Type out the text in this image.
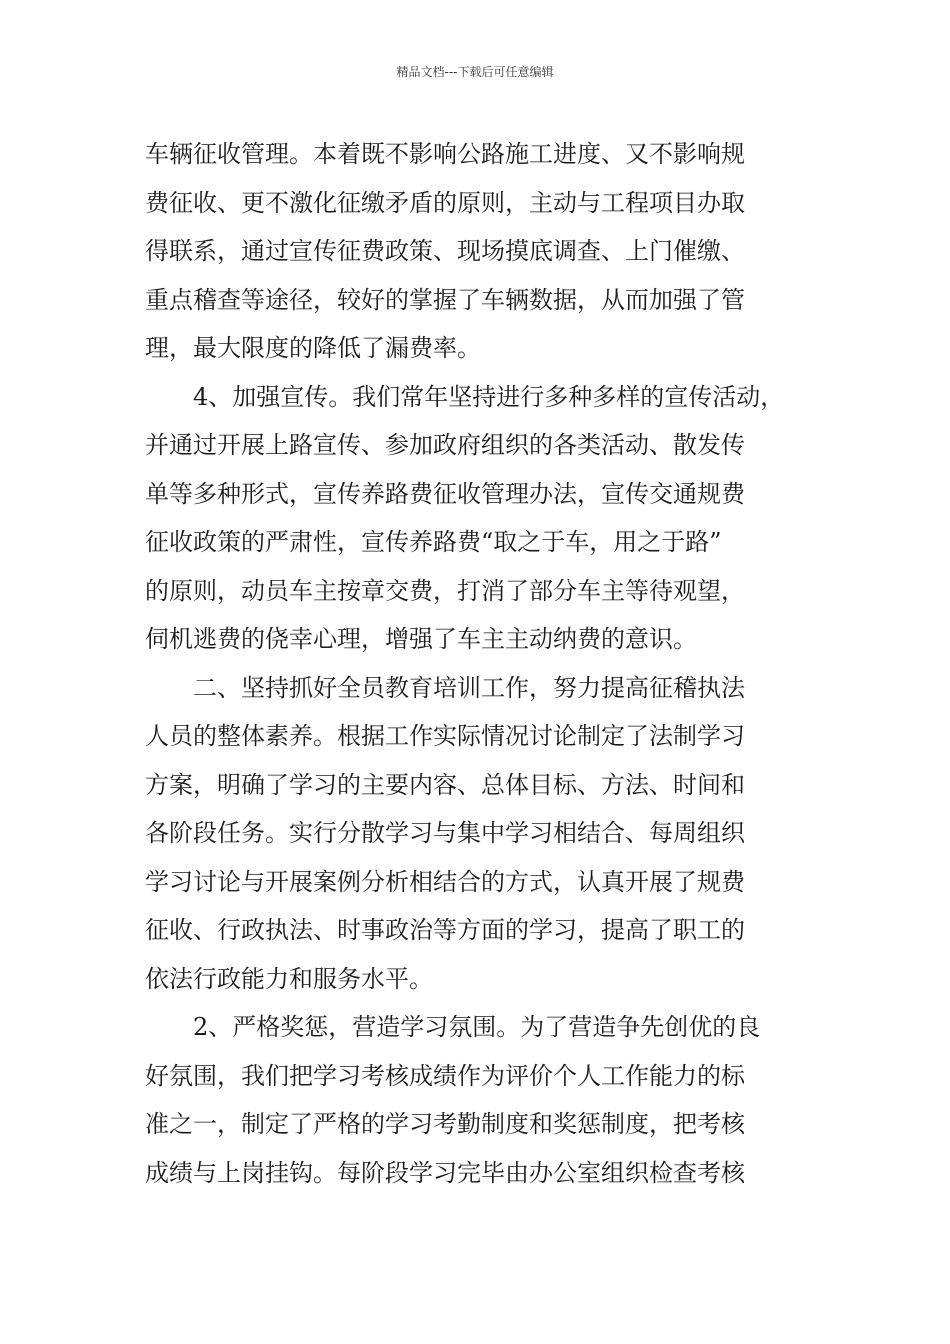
精品文档---下载后可任意编辑
车辆征收管理。本着既不影响公路施工进度、又不影响规
费征收、更不激化征缴矛盾的原则，主动与工程项目办取
得联系，通过宣传征费政策、现场摸底调查、上门催缴、
重点稽查等途径，较好的掌握了车辆数据，从而加强了管
理，最大限度的降低了漏费率。
　　4、加强宣传。我们常年坚持进行多种多样的宣传活动，
并通过开展上路宣传、参加政府组织的各类活动、散发传
单等多种形式，宣传养路费征收管理办法，宣传交通规费
征收政策的严肃性，宣传养路费“取之于车，用之于路”
的原则，动员车主按章交费，打消了部分车主等待观望，
伺机逃费的侥幸心理，增强了车主主动纳费的意识。
　　二、坚持抓好全员教育培训工作，努力提高征稽执法
人员的整体素养。根据工作实际情况讨论制定了法制学习
方案，明确了学习的主要内容、总体目标、方法、时间和
各阶段任务。实行分散学习与集中学习相结合、每周组织
学习讨论与开展案例分析相结合的方式，认真开展了规费
征收、行政执法、时事政治等方面的学习，提高了职工的
依法行政能力和服务水平。
　　2、严格奖惩，营造学习氛围。为了营造争先创优的良
好氛围，我们把学习考核成绩作为评价个人工作能力的标
准之一，制定了严格的学习考勤制度和奖惩制度，把考核
成绩与上岗挂钩。每阶段学习完毕由办公室组织检查考核
